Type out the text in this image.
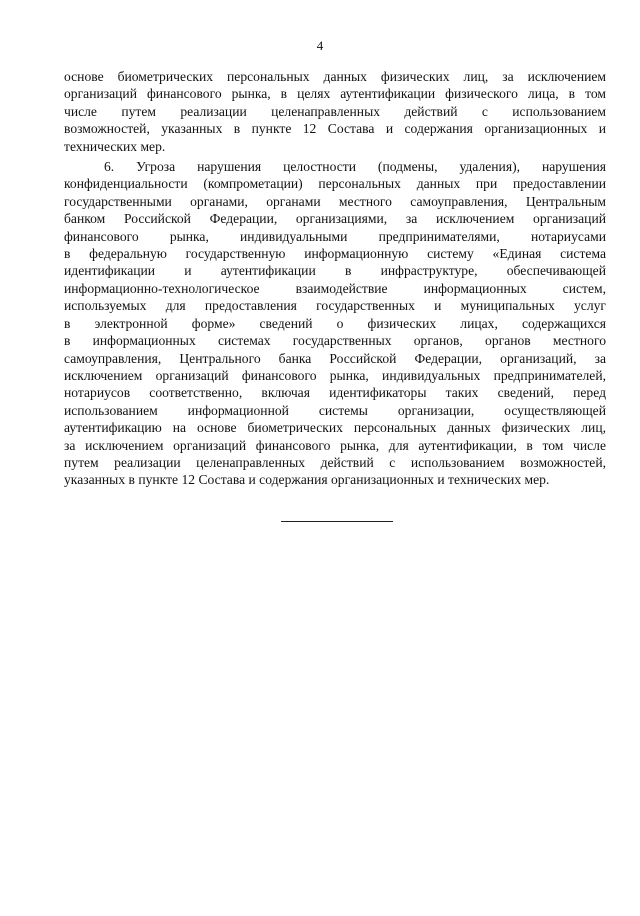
4

основе биометрических персональных данных физических лиц, за исключением
организаций финансового рынка, в целях аутентификации физического лица, в том
числе путем реализации целенаправленных действий с использованием
возможностей, указанных в пункте 12 Состава и содержания организационных и
технических мер.

6. Угроза нарушения целостности (подмены, удаления), нарушения
конфиденциальности (компрометации) персональных данных при предоставлении
государственными органами, органами местного самоуправления, Центральным
банком Российской Федерации, организациями, за исключением организаций
финансового рынка, индивидуальными предпринимателями, нотариусами
в федеральную государственную информационную систему «Единая система
идентификации и аутентификации в инфраструктуре, обеспечивающей
информационно-технологическое взаимодействие информационных систем,
используемых для предоставления государственных и муниципальных услуг
в электронной форме» сведений о физических лицах, содержащихся
в информационных системах государственных органов, органов местного
самоуправления, Центрального банка Российской Федерации, организаций, за
исключением организаций финансового рынка, индивидуальных предпринимателей,
нотариусов соответственно, включая идентификаторы таких сведений, перед
использованием информационной системы организации, осуществляющей
аутентификацию на основе биометрических персональных данных физических лиц,
за исключением организаций финансового рынка, для аутентификации, в том числе
путем реализации целенаправленных действий с использованием возможностей,
указанных в пункте 12 Состава и содержания организационных и технических мер.
